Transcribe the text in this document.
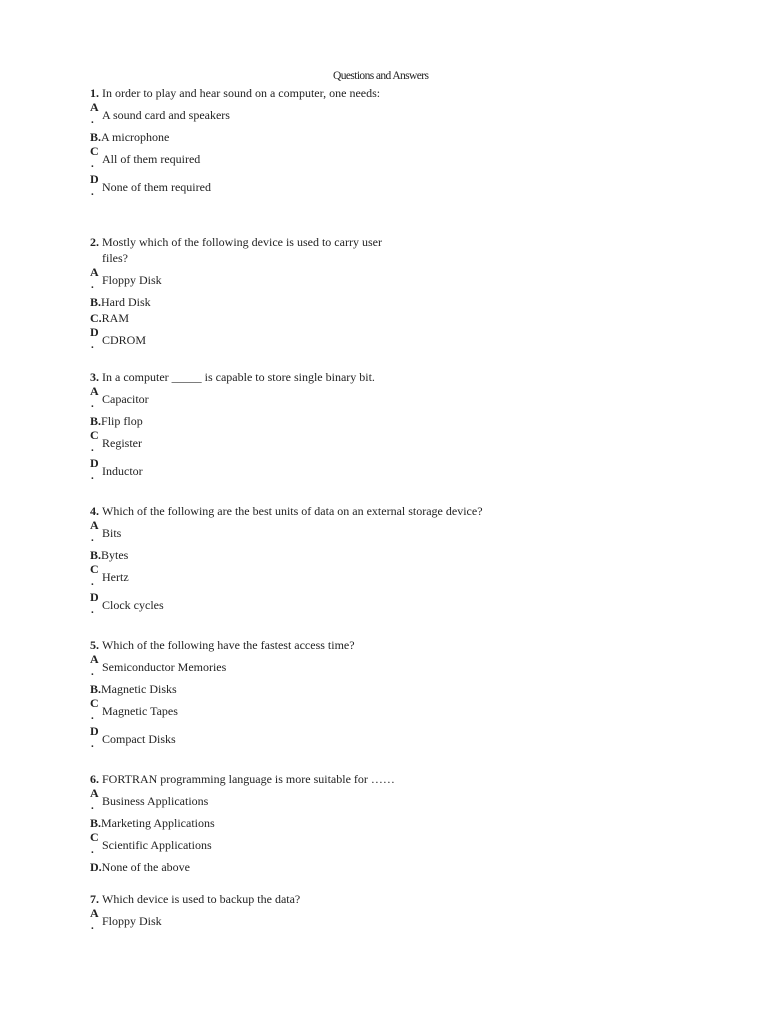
Questions and Answers
1. In order to play and hear sound on a computer, one needs:
A
. A sound card and speakers
B.A microphone
C
. All of them required
D
. None of them required
2. Mostly which of the following device is used to carry user files?
A
. Floppy Disk
B.Hard Disk
C.RAM
D
. CDROM
3. In a computer _____ is capable to store single binary bit.
A
. Capacitor
B.Flip flop
C
. Register
D
. Inductor
4. Which of the following are the best units of data on an external storage device?
A
. Bits
B.Bytes
C
. Hertz
D
. Clock cycles
5. Which of the following have the fastest access time?
A
. Semiconductor Memories
B.Magnetic Disks
C
. Magnetic Tapes
D
. Compact Disks
6. FORTRAN programming language is more suitable for ……
A
. Business Applications
B.Marketing Applications
C
. Scientific Applications
D.None of the above
7. Which device is used to backup the data?
A
. Floppy Disk
